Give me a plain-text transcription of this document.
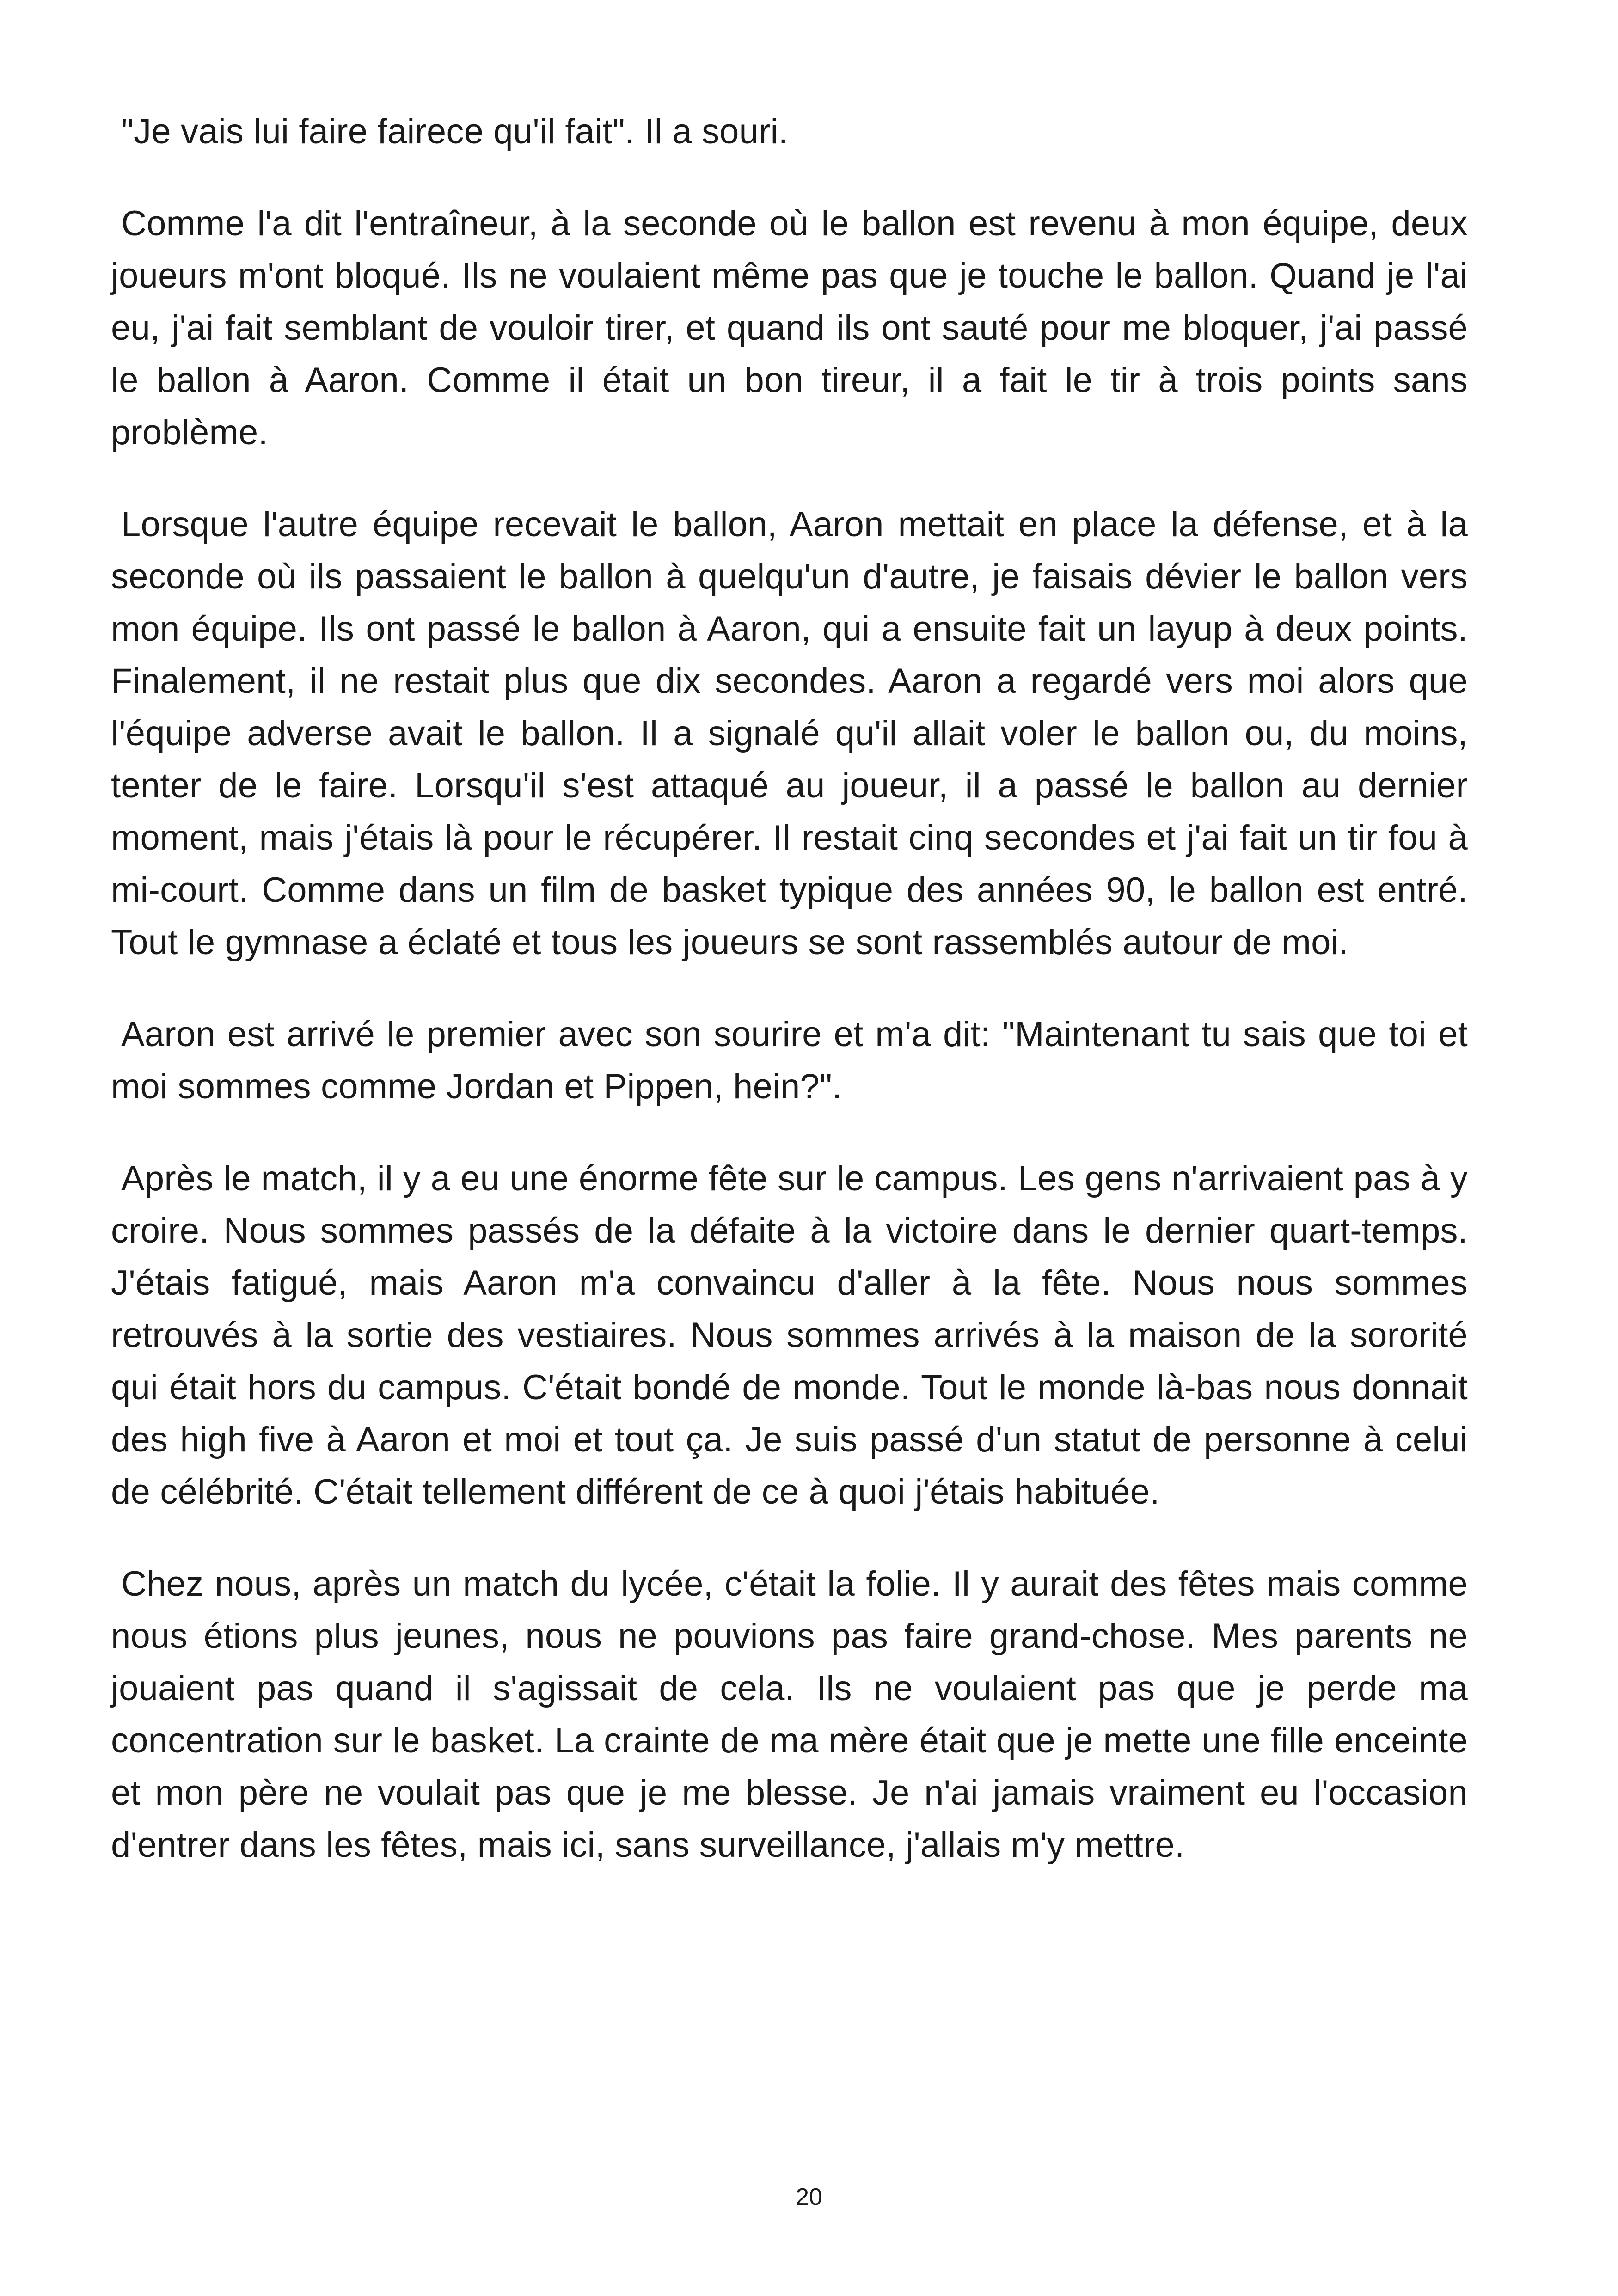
"Je vais lui faire fairece qu'il fait". Il a souri.

Comme l'a dit l'entraîneur, à la seconde où le ballon est revenu à mon équipe, deux joueurs m'ont bloqué. Ils ne voulaient même pas que je touche le ballon. Quand je l'ai eu, j'ai fait semblant de vouloir tirer, et quand ils ont sauté pour me bloquer, j'ai passé le ballon à Aaron. Comme il était un bon tireur, il a fait le tir à trois points sans problème.

Lorsque l'autre équipe recevait le ballon, Aaron mettait en place la défense, et à la seconde où ils passaient le ballon à quelqu'un d'autre, je faisais dévier le ballon vers mon équipe. Ils ont passé le ballon à Aaron, qui a ensuite fait un layup à deux points. Finalement, il ne restait plus que dix secondes. Aaron a regardé vers moi alors que l'équipe adverse avait le ballon. Il a signalé qu'il allait voler le ballon ou, du moins, tenter de le faire. Lorsqu'il s'est attaqué au joueur, il a passé le ballon au dernier moment, mais j'étais là pour le récupérer. Il restait cinq secondes et j'ai fait un tir fou à mi-court. Comme dans un film de basket typique des années 90, le ballon est entré. Tout le gymnase a éclaté et tous les joueurs se sont rassemblés autour de moi.

Aaron est arrivé le premier avec son sourire et m'a dit: "Maintenant tu sais que toi et moi sommes comme Jordan et Pippen, hein?".

Après le match, il y a eu une énorme fête sur le campus. Les gens n'arrivaient pas à y croire. Nous sommes passés de la défaite à la victoire dans le dernier quart-temps. J'étais fatigué, mais Aaron m'a convaincu d'aller à la fête. Nous nous sommes retrouvés à la sortie des vestiaires. Nous sommes arrivés à la maison de la sororité qui était hors du campus. C'était bondé de monde. Tout le monde là-bas nous donnait des high five à Aaron et moi et tout ça. Je suis passé d'un statut de personne à celui de célébrité. C'était tellement différent de ce à quoi j'étais habituée.

Chez nous, après un match du lycée, c'était la folie. Il y aurait des fêtes mais comme nous étions plus jeunes, nous ne pouvions pas faire grand-chose. Mes parents ne jouaient pas quand il s'agissait de cela. Ils ne voulaient pas que je perde ma concentration sur le basket. La crainte de ma mère était que je mette une fille enceinte et mon père ne voulait pas que je me blesse. Je n'ai jamais vraiment eu l'occasion d'entrer dans les fêtes, mais ici, sans surveillance, j'allais m'y mettre.

20
